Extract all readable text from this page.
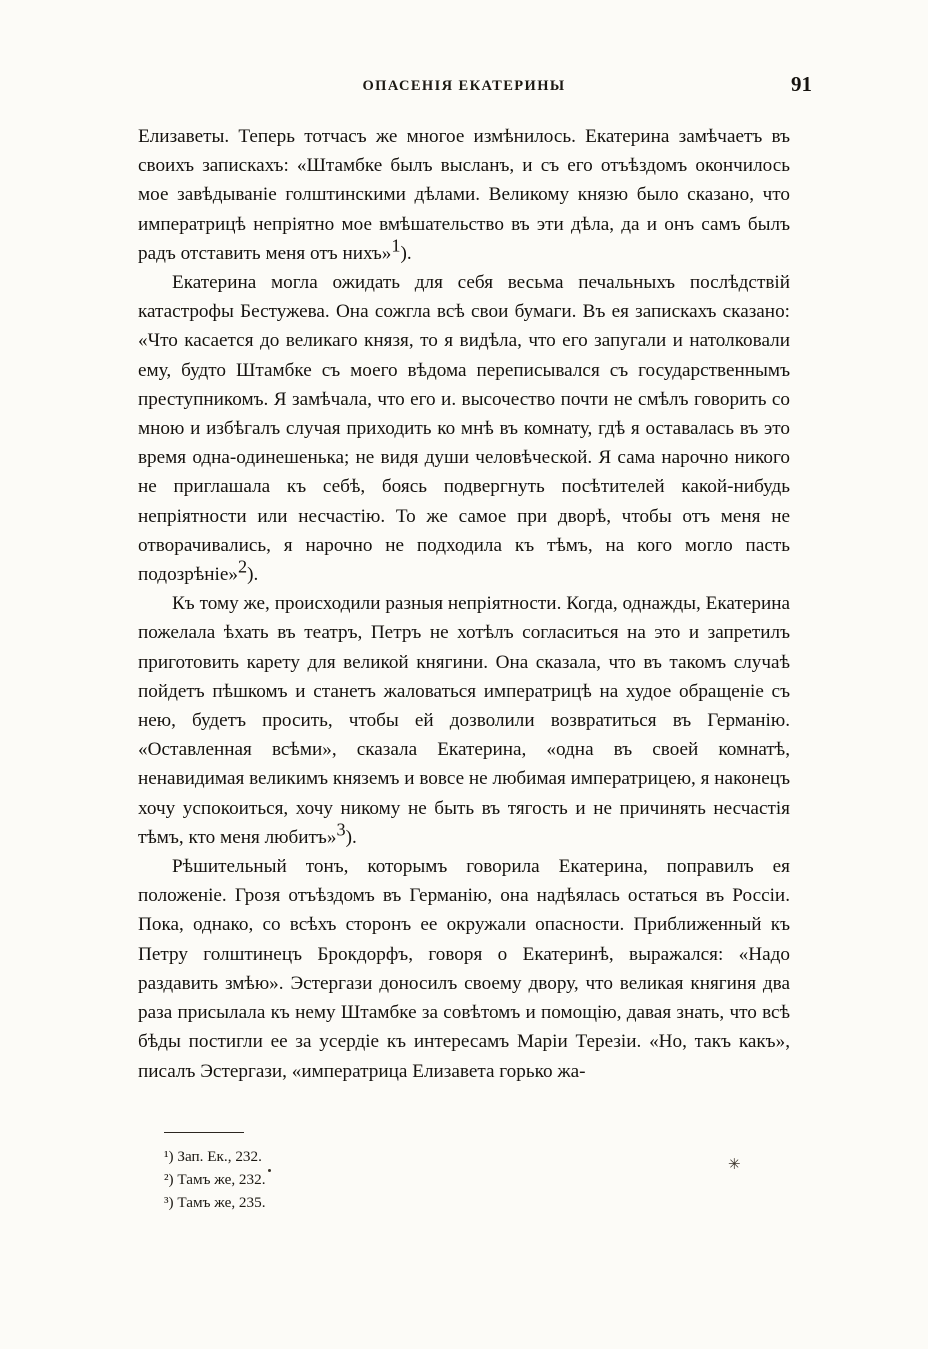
ОПАСЕНІЯ ЕКАТЕРИНЫ	91

Елизаветы. Теперь тотчасъ же многое измѣнилось. Екатерина замѣчаетъ въ своихъ запискахъ: «Штамбке былъ высланъ, и съ его отъѣздомъ окончилось мое завѣдываніе голштинскими дѣлами. Великому князю было сказано, что императрицѣ непріятно мое вмѣшательство въ эти дѣла, да и онъ самъ былъ радъ отставить меня отъ нихъ»$^1$).

Екатерина могла ожидать для себя весьма печальныхъ послѣдствій катастрофы Бестужева. Она сожгла всѣ свои бумаги. Въ ея запискахъ сказано: «Что касается до великаго князя, то я видѣла, что его запугали и натолковали ему, будто Штамбке съ моего вѣдома переписывался съ государственнымъ преступникомъ. Я замѣчала, что его и. высочество почти не смѣлъ говорить со мною и избѣгалъ случая приходить ко мнѣ въ комнату, гдѣ я оставалась въ это время одна-одинешенька; не видя души человѣческой. Я сама нарочно никого не приглашала къ себѣ, боясь подвергнуть посѣтителей какой-нибудь непріятности или несчастію. То же самое при дворѣ, чтобы отъ меня не отворачивались, я нарочно не подходила къ тѣмъ, на кого могло пасть подозрѣніе»$^2$).

Къ тому же, происходили разныя непріятности. Когда, однажды, Екатерина пожелала ѣхать въ театръ, Петръ не хотѣлъ согласиться на это и запретилъ приготовить карету для великой княгини. Она сказала, что въ такомъ случаѣ пойдетъ пѣшкомъ и станетъ жаловаться императрицѣ на худое обращеніе съ нею, будетъ просить, чтобы ей дозволили возвратиться въ Германію. «Оставленная всѣми», сказала Екатерина, «одна въ своей комнатѣ, ненавидимая великимъ княземъ и вовсе не любимая императрицею, я наконецъ хочу успокоиться, хочу никому не быть въ тягость и не причинять несчастія тѣмъ, кто меня любитъ»$^3$).

Рѣшительный тонъ, которымъ говорила Екатерина, поправилъ ея положеніе. Грозя отъѣздомъ въ Германію, она надѣялась остаться въ Россіи. Пока, однако, со всѣхъ сторонъ ее окружали опасности. Приближенный къ Петру голштинецъ Брокдорфъ, говоря о Екатеринѣ, выражался: «Надо раздавить змѣю». Эстергази доносилъ своему двору, что великая княгиня два раза присылала къ нему Штамбке за совѣтомъ и помощію, давая знать, что всѣ бѣды постигли ее за усердіе къ интересамъ Маріи Терезіи. «Но, такъ какъ», писалъ Эстергази, «императрица Елизавета горько жа-

¹) Зап. Ек., 232.
²) Тамъ же, 232.
³) Тамъ же, 235.
✳
